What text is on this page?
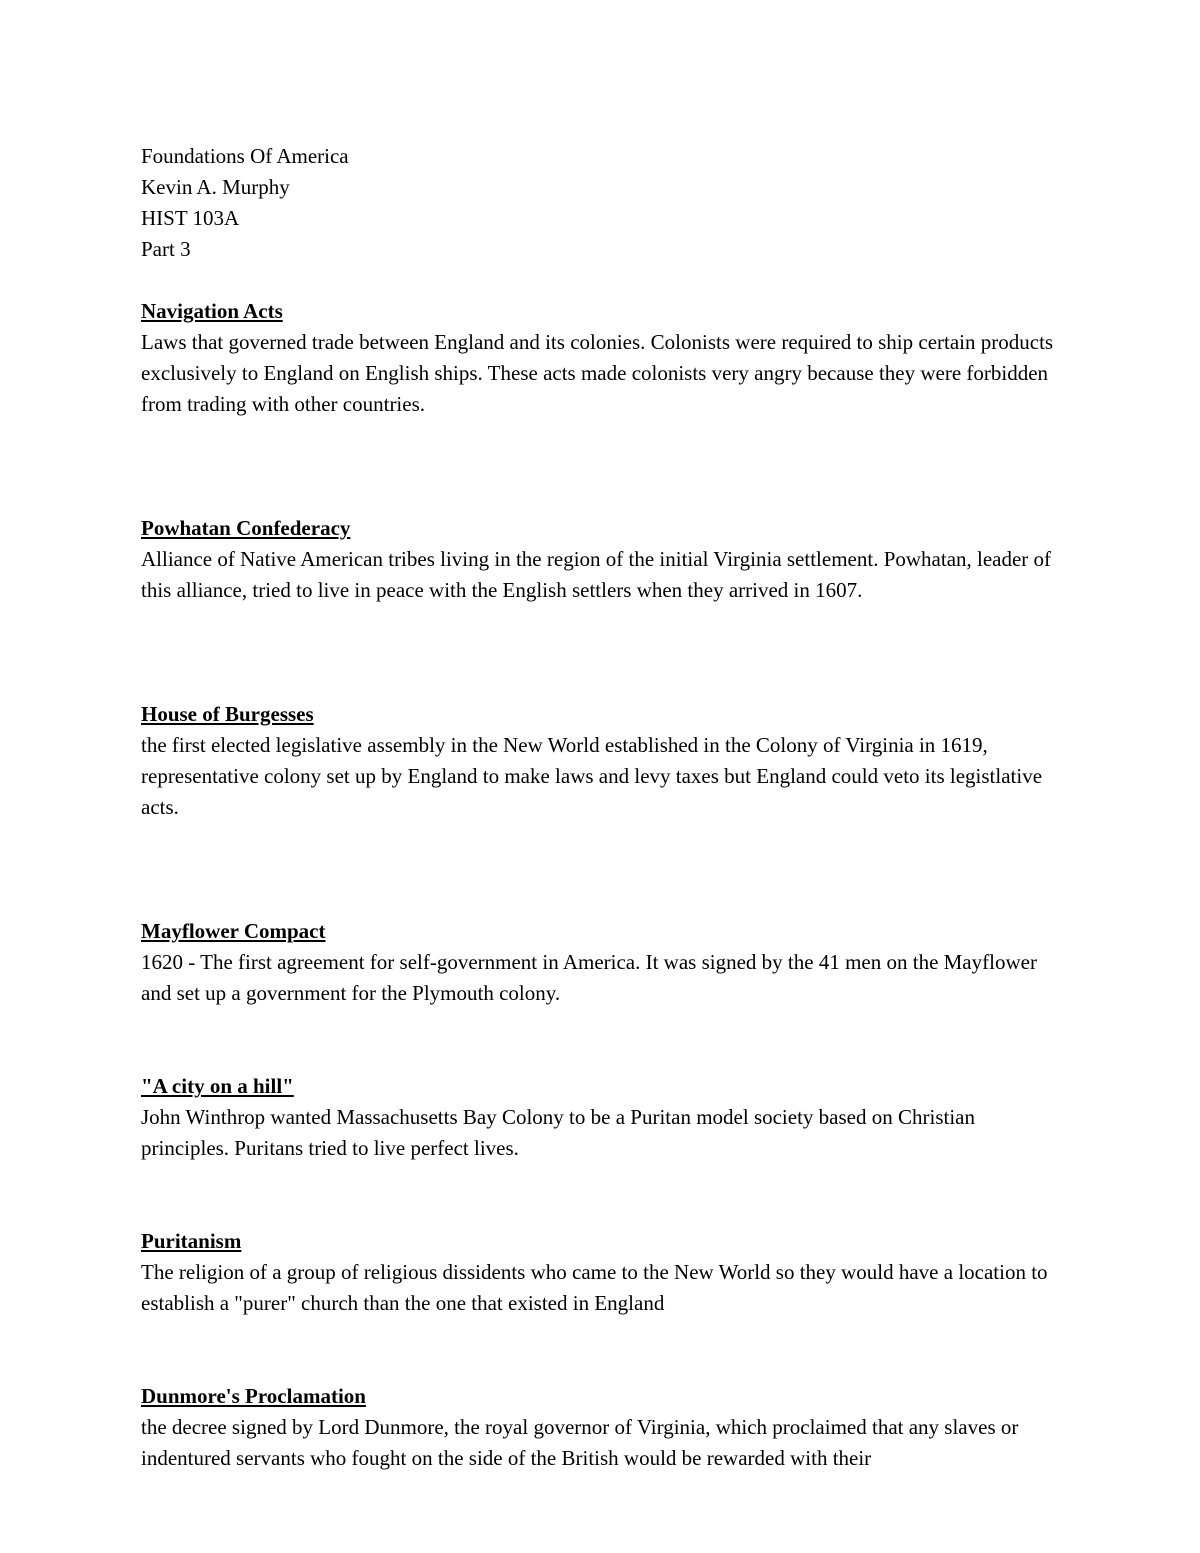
Foundations Of America
Kevin A. Murphy
HIST 103A
Part 3
Navigation Acts
Laws that governed trade between England and its colonies. Colonists were required to ship certain products exclusively to England on English ships. These acts made colonists very angry because they were forbidden from trading with other countries.
Powhatan Confederacy
Alliance of Native American tribes living in the region of the initial Virginia settlement. Powhatan, leader of this alliance, tried to live in peace with the English settlers when they arrived in 1607.
House of Burgesses
the first elected legislative assembly in the New World established in the Colony of Virginia in 1619, representative colony set up by England to make laws and levy taxes but England could veto its legistlative acts.
Mayflower Compact
1620 - The first agreement for self-government in America. It was signed by the 41 men on the Mayflower and set up a government for the Plymouth colony.
"A city on a hill"
John Winthrop wanted Massachusetts Bay Colony to be a Puritan model society based on Christian principles. Puritans tried to live perfect lives.
Puritanism
The religion of a group of religious dissidents who came to the New World so they would have a location to establish a "purer" church than the one that existed in England
Dunmore's Proclamation
the decree signed by Lord Dunmore, the royal governor of Virginia, which proclaimed that any slaves or indentured servants who fought on the side of the British would be rewarded with their
